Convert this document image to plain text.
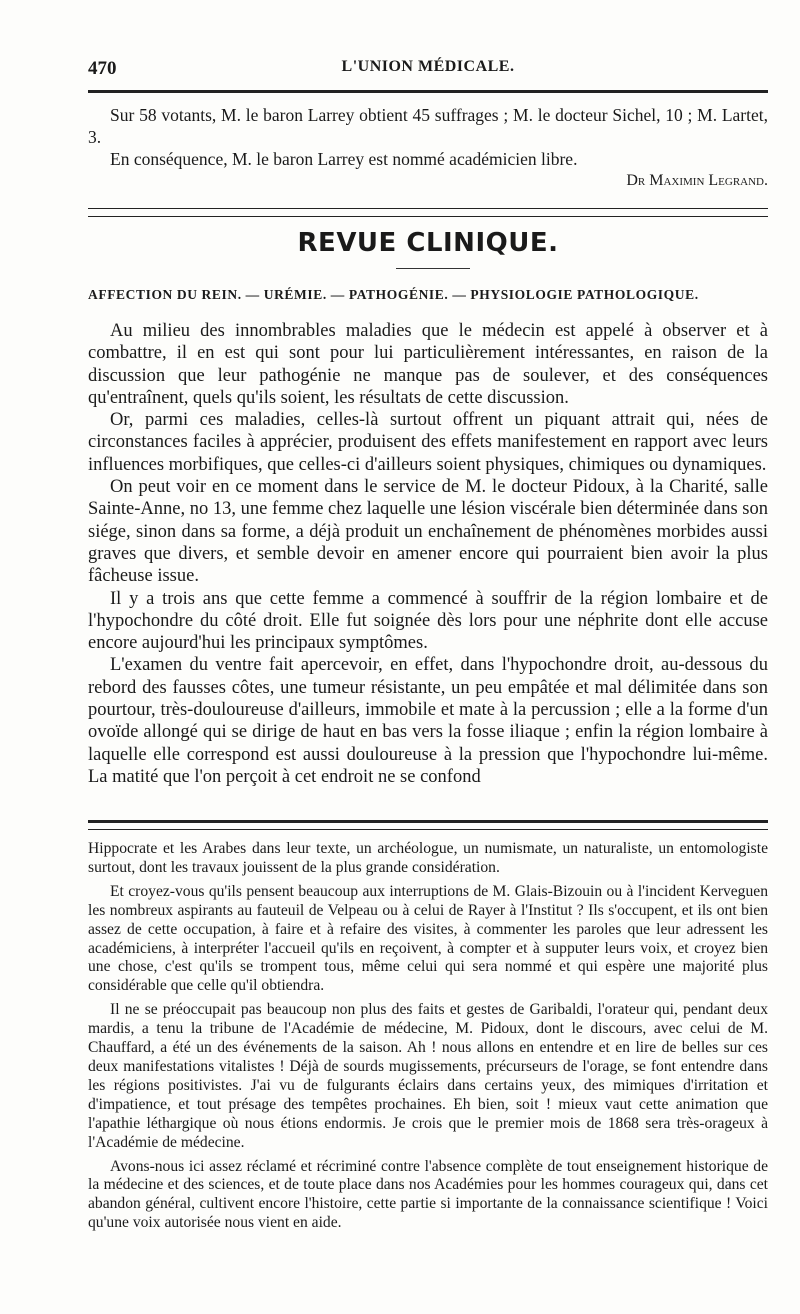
470	L'UNION MÉDICALE.

Sur 58 votants, M. le baron Larrey obtient 45 suffrages ; M. le docteur Sichel, 10 ; M. Lartet, 3.

En conséquence, M. le baron Larrey est nommé académicien libre.

Dr Maximin Legrand.

REVUE CLINIQUE.
AFFECTION DU REIN. — URÉMIE. — PATHOGÉNIE. — PHYSIOLOGIE PATHOLOGIQUE.

Au milieu des innombrables maladies que le médecin est appelé à observer et à combattre, il en est qui sont pour lui particulièrement intéressantes, en raison de la discussion que leur pathogénie ne manque pas de soulever, et des conséquences qu'entraînent, quels qu'ils soient, les résultats de cette discussion.

Or, parmi ces maladies, celles-là surtout offrent un piquant attrait qui, nées de circonstances faciles à apprécier, produisent des effets manifestement en rapport avec leurs influences morbifiques, que celles-ci d'ailleurs soient physiques, chimiques ou dynamiques.

On peut voir en ce moment dans le service de M. le docteur Pidoux, à la Charité, salle Sainte-Anne, no 13, une femme chez laquelle une lésion viscérale bien déterminée dans son siége, sinon dans sa forme, a déjà produit un enchaînement de phénomènes morbides aussi graves que divers, et semble devoir en amener encore qui pourraient bien avoir la plus fâcheuse issue.

Il y a trois ans que cette femme a commencé à souffrir de la région lombaire et de l'hypochondre du côté droit. Elle fut soignée dès lors pour une néphrite dont elle accuse encore aujourd'hui les principaux symptômes.

L'examen du ventre fait apercevoir, en effet, dans l'hypochondre droit, au-dessous du rebord des fausses côtes, une tumeur résistante, un peu empâtée et mal délimitée dans son pourtour, très-douloureuse d'ailleurs, immobile et mate à la percussion ; elle a la forme d'un ovoïde allongé qui se dirige de haut en bas vers la fosse iliaque ; enfin la région lombaire à laquelle elle correspond est aussi douloureuse à la pression que l'hypochondre lui-même. La matité que l'on perçoit à cet endroit ne se confond

Hippocrate et les Arabes dans leur texte, un archéologue, un numismate, un naturaliste, un entomologiste surtout, dont les travaux jouissent de la plus grande considération.

Et croyez-vous qu'ils pensent beaucoup aux interruptions de M. Glais-Bizouin ou à l'incident Kerveguen les nombreux aspirants au fauteuil de Velpeau ou à celui de Rayer à l'Institut ? Ils s'occupent, et ils ont bien assez de cette occupation, à faire et à refaire des visites, à commenter les paroles que leur adressent les académiciens, à interpréter l'accueil qu'ils en reçoivent, à compter et à supputer leurs voix, et croyez bien une chose, c'est qu'ils se trompent tous, même celui qui sera nommé et qui espère une majorité plus considérable que celle qu'il obtiendra.

Il ne se préoccupait pas beaucoup non plus des faits et gestes de Garibaldi, l'orateur qui, pendant deux mardis, a tenu la tribune de l'Académie de médecine, M. Pidoux, dont le discours, avec celui de M. Chauffard, a été un des événements de la saison. Ah ! nous allons en entendre et en lire de belles sur ces deux manifestations vitalistes ! Déjà de sourds mugissements, précurseurs de l'orage, se font entendre dans les régions positivistes. J'ai vu de fulgurants éclairs dans certains yeux, des mimiques d'irritation et d'impatience, et tout présage des tempêtes prochaines. Eh bien, soit ! mieux vaut cette animation que l'apathie léthargique où nous étions endormis. Je crois que le premier mois de 1868 sera très-orageux à l'Académie de médecine.

Avons-nous ici assez réclamé et récriminé contre l'absence complète de tout enseignement historique de la médecine et des sciences, et de toute place dans nos Académies pour les hommes courageux qui, dans cet abandon général, cultivent encore l'histoire, cette partie si importante de la connaissance scientifique ! Voici qu'une voix autorisée nous vient en aide.
